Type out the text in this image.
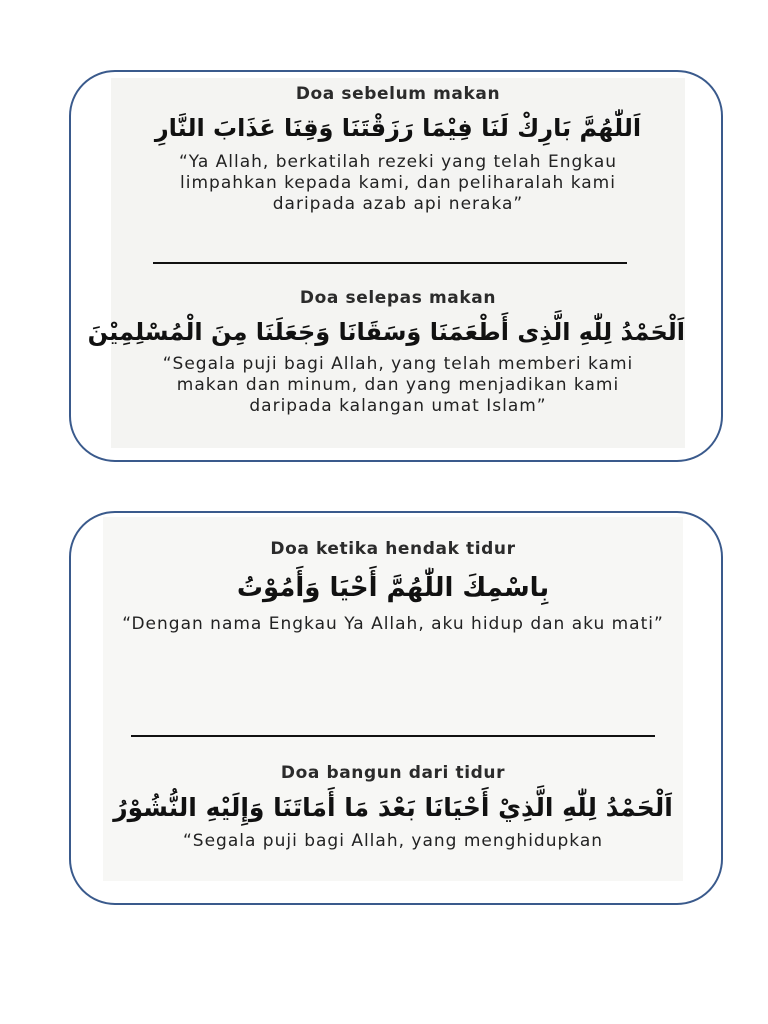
Doa sebelum makan

اَللّٰهُمَّ بَارِكْ لَنَا فِيْمَا رَزَقْتَنَا وَقِنَا عَذَابَ النَّارِ

“Ya Allah, berkatilah rezeki yang telah Engkau limpahkan kepada kami, dan peliharalah kami daripada azab api neraka”

Doa selepas makan

اَلْحَمْدُ لِلّٰهِ الَّذِى أَطْعَمَنَا وَسَقَانَا وَجَعَلَنَا مِنَ الْمُسْلِمِيْنَ

“Segala puji bagi Allah, yang telah memberi kami makan dan minum, dan yang menjadikan kami daripada kalangan umat Islam”

Doa ketika hendak tidur

بِاسْمِكَ اللّٰهُمَّ أَحْيَا وَأَمُوْتُ

“Dengan nama Engkau Ya Allah, aku hidup dan aku mati”

Doa bangun dari tidur

اَلْحَمْدُ لِلّٰهِ الَّذِيْ أَحْيَانَا بَعْدَ مَا أَمَاتَنَا وَإِلَيْهِ النُّشُوْرُ

“Segala puji bagi Allah, yang menghidupkan
